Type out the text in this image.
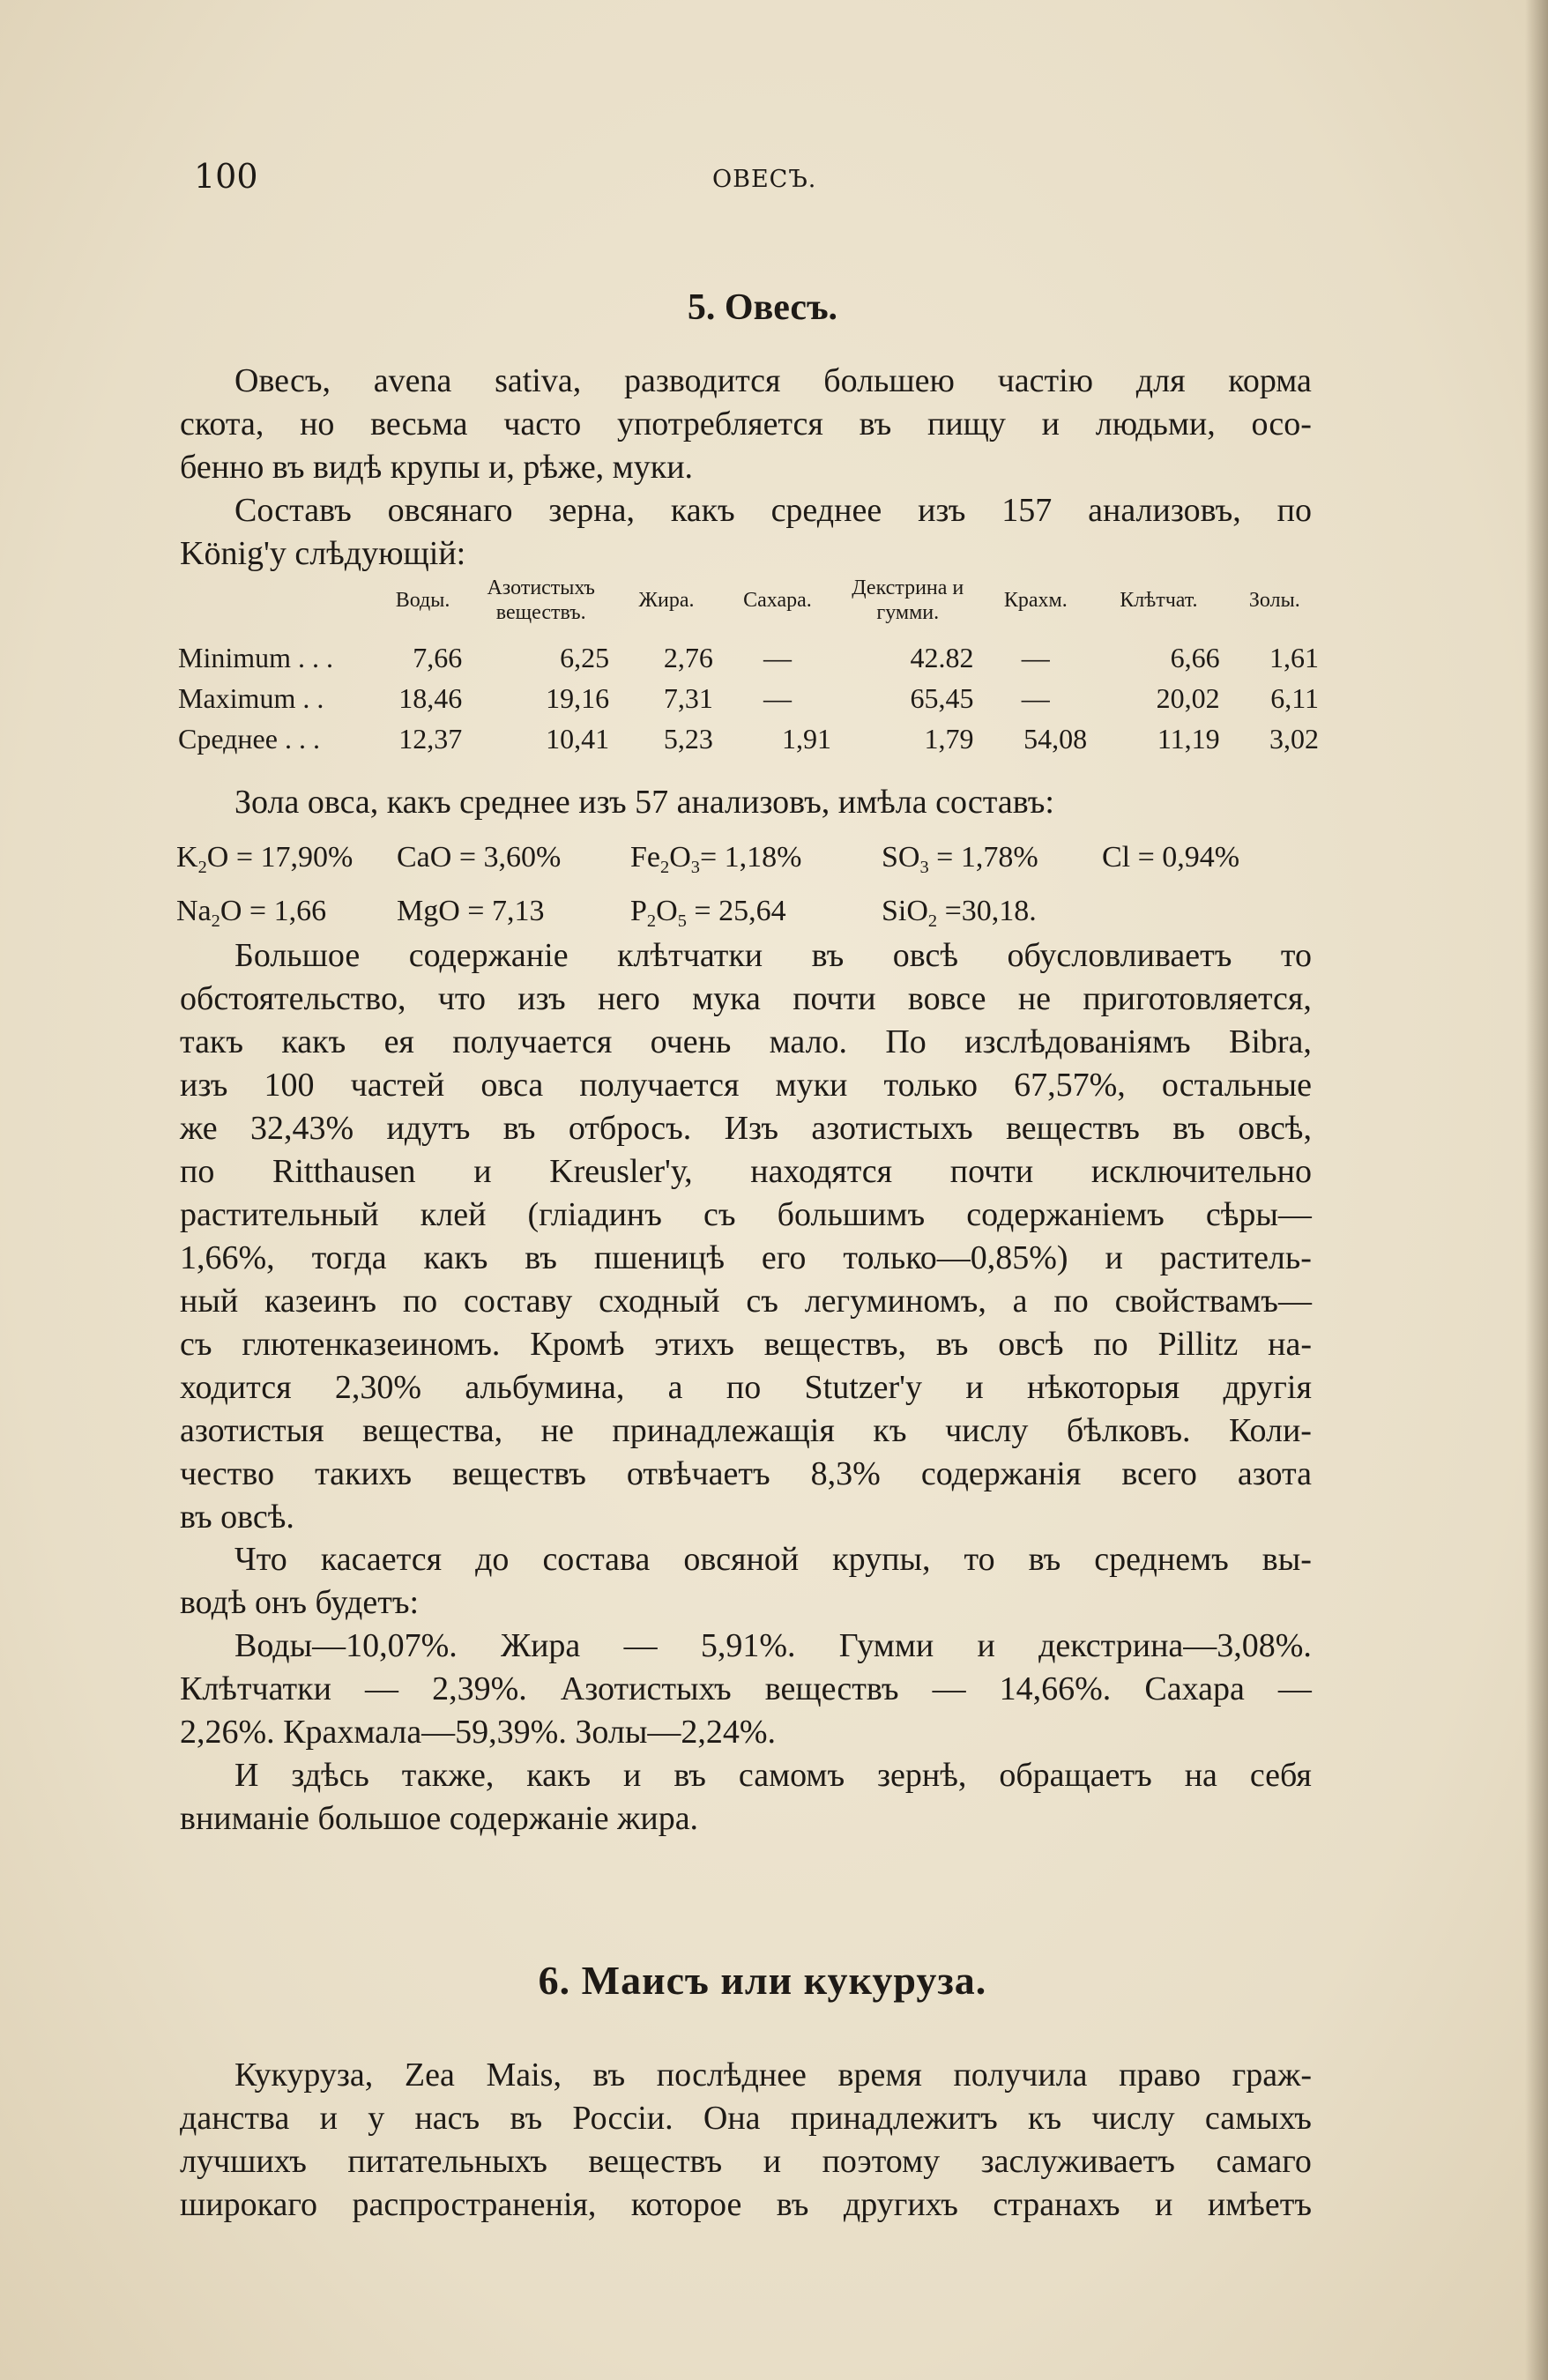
100	ОВЕСЪ.
5. Овесъ.
Овесъ, avena sativa, разводится большею частію для корма
скота, но весьма часто употребляется въ пищу и людьми, осо-
бенно въ видѣ крупы и, рѣже, муки.
Составъ овсянаго зерна, какъ среднее изъ 157 анализовъ, по
König'у слѣдующій:
	Воды.	Азотистыхъ веществъ.	Жира.	Сахара.	Декстрина и гумми.	Крахм.	Клѣтчат.	Золы.
Minimum . . .	7,66	6,25	2,76	—	42.82	—	6,66	1,61
Maximum . .	18,46	19,16	7,31	—	65,45	—	20,02	6,11
Среднее . . .	12,37	10,41	5,23	1,91	1,79	54,08	11,19	3,02
Зола овса, какъ среднее изъ 57 анализовъ, имѣла составъ:
$K_2O = 17,90\%$	CaO = 3,60%	$Fe_2O_3= 1,18\%$	$SO_3 = 1,78\%$	Cl = 0,94%
$Na_2O = 1,66$	MgO = 7,13	$P_2O_5 = 25,64$	SiO$_2$ =30,18.
Большое содержаніе клѣтчатки въ овсѣ обусловливаетъ то
обстоятельство, что изъ него мука почти вовсе не приготовляется,
такъ какъ ея получается очень мало. По изслѣдованіямъ Bibra,
изъ 100 частей овса получается муки только 67,57%, остальные
же 32,43% идутъ въ отбросъ. Изъ азотистыхъ веществъ въ овсѣ,
по Ritthausen и Kreusler'у, находятся почти исключительно
растительный клей (гліадинъ съ большимъ содержаніемъ сѣры—
1,66%, тогда какъ въ пшеницѣ его только—0,85%) и раститель-
ный казеинъ по составу сходный съ легуминомъ, а по свойствамъ—
съ глютенказеиномъ. Кромѣ этихъ веществъ, въ овсѣ по Pillitz на-
ходится 2,30% альбумина, а по Stutzer'у и нѣкоторыя другія
азотистыя вещества, не принадлежащія къ числу бѣлковъ. Коли-
чество такихъ веществъ отвѣчаетъ 8,3% содержанія всего азота
въ овсѣ.
Что касается до состава овсяной крупы, то въ среднемъ вы-
водѣ онъ будетъ:
Воды—10,07%. Жира — 5,91%. Гумми и декстрина—3,08%.
Клѣтчатки — 2,39%. Азотистыхъ веществъ — 14,66%. Сахара —
2,26%. Крахмала—59,39%. Золы—2,24%.
И здѣсь также, какъ и въ самомъ зернѣ, обращаетъ на себя
вниманіе большое содержаніе жира.
6. Маисъ или кукуруза.
Кукуруза, Zea Mais, въ послѣднее время получила право граж-
данства и у насъ въ Россіи. Она принадлежитъ къ числу самыхъ
лучшихъ питательныхъ веществъ и поэтому заслуживаетъ самаго
широкаго распространенія, которое въ другихъ странахъ и имѣетъ
